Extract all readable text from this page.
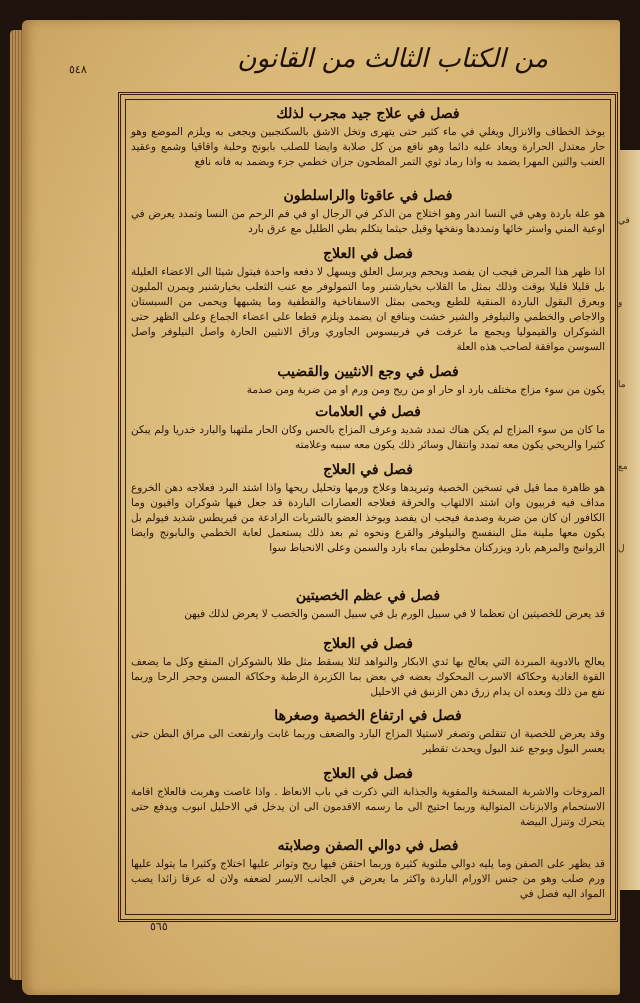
في
و
ما
مع
ل
٥٤٨	من الكتاب الثالث من القانون
فصل في علاج جيد مجرب لذلك
يوخذ الخطاف والانزال ويغلي في ماء كثير حتى يتهرى وتخل الاشق بالسكنجبين ويجعى به ويلزم الموضع وهو حار معتدل الحرارة ويعاد عليه دائما وهو نافع من كل صلابة وايضا للصلب بابونج وحلبة واقاقيا وشمع وعقيد العنب والتين المهرا يضمد به واذا رماد ثوي التمر المطحون جزان خطمي جزء وبضمد به فانه نافع
فصل في عاقوتا والراسلطون
هو علة باردة وهي في النسا اندر وهو اختلاج من الذكر في الرجال او في فم الرحم من النسا وتمدد يعرض في اوعية المني واستر خائها وتمددها ونفخها وقيل حيثما يتكلم بطي الطليل مع عرق بارد
فصل في العلاج
اذا ظهر هذا المرض فيجب ان يفصد ويحجم ويرسل العلق ويسهل لا دفعه واحدة فيتول شيئا الى الاعضاء العليلة بل قليلا قليلا بوقت وذلك بمثل ما القلاب بخيارشنبر وما التمولوفر مع عنب الثعلب بخيارشنبر ويمرن المليون وبعرق البقول الباردة المنقية للطبع ويحمى بمثل الاسفاناخية والقطفية وما يشبهها ويحمى من السبستان والاجاص والخطمي والنيلوفر والشير خشت وبنافع ان يضمد ويلزم قطعا على اعضاء الجماع وعلى الظهر حتى الشوكران والقيموليا ويجمع ما عرفت في فربيسوس الجاوري وراق الانثيين الحارة واصل النيلوفر واصل السوسن موافقة لصاحب هذه العلة
فصل في وجع الانثيين والقضيب
يكون من سوء مزاج مختلف بارد او حار او من ريح ومن ورم او من ضربة ومن صدمة
فصل في العلامات
ما كان من سوء المزاج لم يكن هناك تمدد شديد وعرف المزاج بالحس وكان الحار ملتهبا والبارد خدريا ولم يبكن كثيرا والريحي يكون معه تمدد وانتقال وسائر ذلك يكون معه سببه وعلامته
فصل في العلاج
هو ظاهرة مما قيل في تسخين الخصية وتبريدها وعلاج ورمها وتحليل ريحها واذا اشتد البرد فعلاجه دهن الخروع مداف فيه فربيون وان اشتد الالتهاب والحرقة فعلاجه العصارات الباردة قد جعل فيها شوكران وافيون وما الكافور ان كان من ضربة وصدمة فيجب ان يفصد ويوخذ العضو بالشربات الرادعة من قيريطس شديد فيولم بل يكون معها ملينة مثل البنفسج والنيلوفر والقرع ونحوه ثم بعد ذلك يستعمل لعابة الخطمي والبابونج وايضا الزوانبج والمرهم بارد ويزركتان مخلوطين بماء بارد والسمن وعلى الانحباط سوا
فصل في عظم الخصيتين
قد يعرض للخصيتين ان تعظما لا في سبيل الورم بل في سبيل السمن والخصب لا يعرض لذلك فيهن
فصل في العلاج
يعالج بالادوية المبردة التي يعالج بها ثدي الابكار والنواهد لئلا يسقط مثل طلا بالشوكران المنقع وكل ما يضعف القوة الغادية وحكاكة الاسرب المحكوك بعضه في بعض بما الكزبرة الرطبة وحكاكة المسن وحجر الرحا وربما نفع من ذلك وبعده ان يدام زرق دهن الزنبق في الاحليل
فصل في ارتفاع الخصية وصغرها
وقد يعرض للخصية ان تتقلص وتصغر لاستيلا المزاج البارد والضعف وربما غابت وارتفعت الى مراق البطن حتى يعسر البول وبوجع عند البول ويحدث تقطير
فصل في العلاج
المروخات والاشربة المسخنة والمقوية والجذابة التي ذكرت في باب الانعاظ . واذا غاصت وهربت فالعلاج اقامة الاستحمام والابزنات المتوالية وربما احتيج الى ما رسمه الاقدمون الى ان يدخل في الاحليل انبوب ويدفع حتى يتحرك وتنزل البيضة
فصل في دوالي الصفن وصلابته
قد يظهر على الصفن وما يليه دوالي ملتوية كثيرة وربما احتقن فيها ريح وتواتر عليها اختلاج وكثيرا ما يتولد عليها ورم صلب وهو من جنس الاورام الباردة واكثر ما يعرض في الجانب الايسر لضعفه ولان له عرقا زائدا يصب المواد اليه فصل في
٥٦٥
